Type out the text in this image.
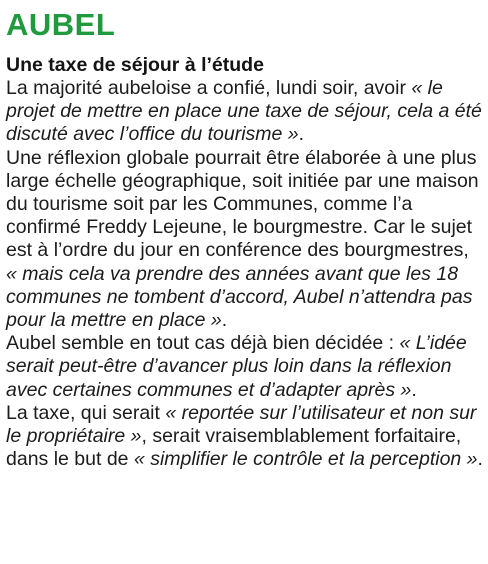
AUBEL
Une taxe de séjour à l’étude

La majorité aubeloise a confié, lundi soir, avoir « le projet de mettre en place une taxe de séjour, cela a été discuté avec l’office du tourisme ».

Une réflexion globale pourrait être élaborée à une plus large échelle géographique, soit initiée par une maison du tourisme soit par les Communes, comme l’a confirmé Freddy Lejeune, le bourgmestre. Car le sujet est à l’ordre du jour en conférence des bourgmestres, « mais cela va prendre des années avant que les 18 communes ne tombent d’accord, Aubel n’attendra pas pour la mettre en place ».

Aubel semble en tout cas déjà bien décidée : « L’idée serait peut-être d’avancer plus loin dans la réflexion avec certaines communes et d’adapter après ».

La taxe, qui serait « reportée sur l’utilisateur et non sur le propriétaire », serait vraisemblablement forfaitaire, dans le but de « simplifier le contrôle et la perception ».
